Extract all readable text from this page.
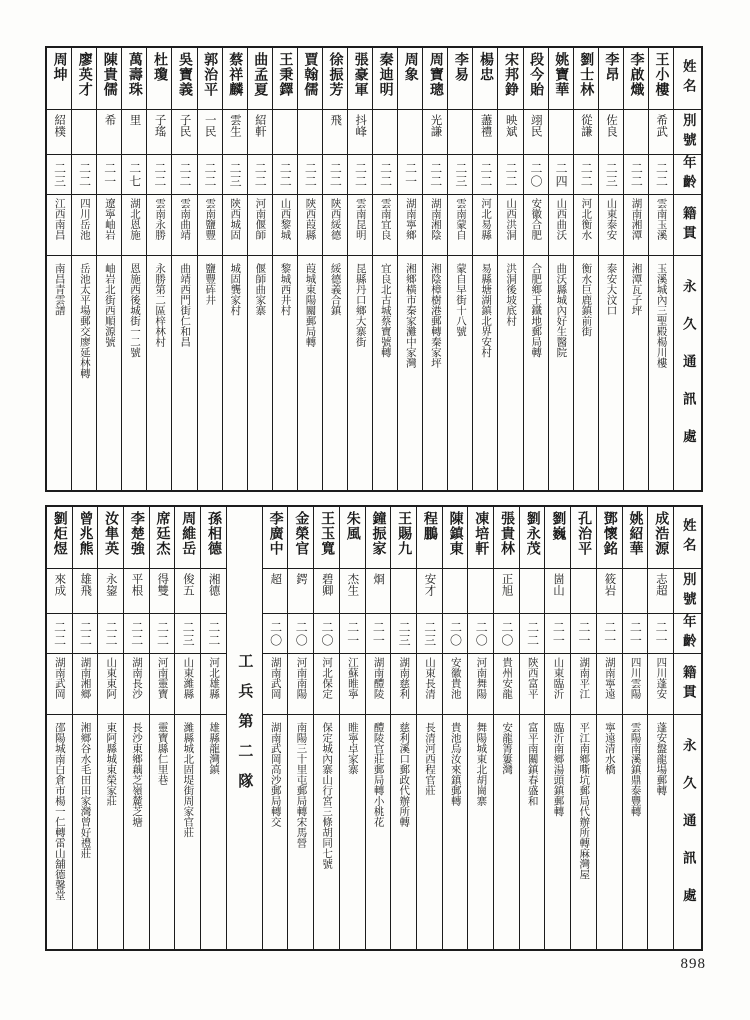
姓名
別號
年齡
籍貫
永久通訊處
王小樓
希武
二二
雲南玉溪
玉溪城內三聖殿楊川樓
李啟熾
二二
湖南湘潭
湘潭瓦子坪
李昂
佐良
二三
山東泰安
泰安大汶口
劉士林
從謙
二二
河北衡水
衡水巨鹿鎮前街
姚寶華
二四
山西曲沃
曲沃縣城內好生醫院
段今貽
翊民
二〇
安徽合肥
合肥鄉王鐵地郵局轉
宋邦錚
映斌
二二
山西洪洞
洪洞後坡底村
楊忠
藎禮
二二
河北易縣
易縣塘湖鎮北界安村
李易
二三
雲南蒙自
蒙自早街十八號
周寶璁
光謙
二二
湖南湘陰
湘陰樟樹港郵轉秦家坪
周象
二一
湖南寧鄉
湘鄉橫市秦家灘中家灣
秦迪明
二二
雲南宜良
宜良北古城蔡寶號轉
張豪軍
抖峰
二二
雲南昆明
昆縣丹口鄉大寨街
徐振芳
飛
二二
陝西綏德
綏德義合鎮
賈翰儒
二二
陝西葭縣
葭城東陽關郵局轉
王秉鐸
二二
山西黎城
黎城西井村
曲孟夏
紹軒
二二
河南偃師
偃師曲家寨
蔡祥麟
雲生
二三
陝西城固
城固龔家村
郭治平
一民
二二
雲南鹽豐
鹽豐砗井
吳寶義
子民
二二
雲南曲靖
曲靖西門街仁和昌
杜瓊
子瑤
二二
雲南永勝
永勝第二區梓林村
萬壽珠
里
二七
湖北恩施
恩施西後城街一二號
陳貴儒
希
二一
遼寧岫岩
岫岩北街西順源號
廖英才
二二
四川岳池
岳池太平場郵交廖延林轉
周坤
紹樸
二三
江西南昌
南昌青雲譜
姓名
別號
年齡
籍貫
永久通訊處
成浩源
志超
二一
四川蓬安
蓬安盤龍場郵轉
姚紹華
二一
四川雲陽
雲陽南溪鎮鼎泰豐轉
鄧懷銘
筱岩
二一
湖南寧遠
寧遠清水橋
孔治平
二一
湖南平江
平江南鄉嘶坑郵局代辦所轉麻灣屋
劉巍
崮山
二一
山東臨沂
臨沂南鄉湯頭鎮郵轉
劉永茂
二二
陝西富平
富平南關鎮春盛和
張貴林
正旭
二〇
貴州安龍
安龍箐簍灣
凍培軒
二〇
河南舞陽
舞陽城東北胡崗寨
陳鎮東
二〇
安徽貴池
貴池烏汝來鎮郵轉
程鵬
安才
二三
山東長清
長清河西程官莊
王賜九
二三
湖南慈利
慈利溪口郵政代辦所轉
鐘振家
烱
二一
湖南醴陵
醴陵官莊郵局轉小桃花
朱風
杰生
二一
江蘇睢寧
睢寧卓家寨
王玉寬
碧卿
二〇
河北保定
保定城內寨山行宮三條胡同七號
金榮官
鍔
二〇
河南南陽
南陽三十里屯郵局轉宋馬營
李廣中
超
二〇
湖南武岡
湖南武岡高沙郵局轉交
工兵第二隊
孫相德
湘德
二二
河北雄縣
雄縣龍灣鎮
周維岳
俊五
二三
山東濰縣
濰縣城北固堤街周家官莊
席廷杰
得雙
二二
河南靈寶
靈寶縣仁里巷
李楚強
平根
二二
湖南長沙
長沙東鄉藕芝嶺麓芝塘
汝隼英
永鋆
二二
山東東阿
東阿縣城東榮家莊
曾兆熊
雄飛
二二
湖南湘鄉
湘鄉谷水毛田田家灣曾好禮莊
劉炬煜
來成
二二
湖南武岡
邵陽城南白倉市楊一仁轉雷山舖德馨堂
898
